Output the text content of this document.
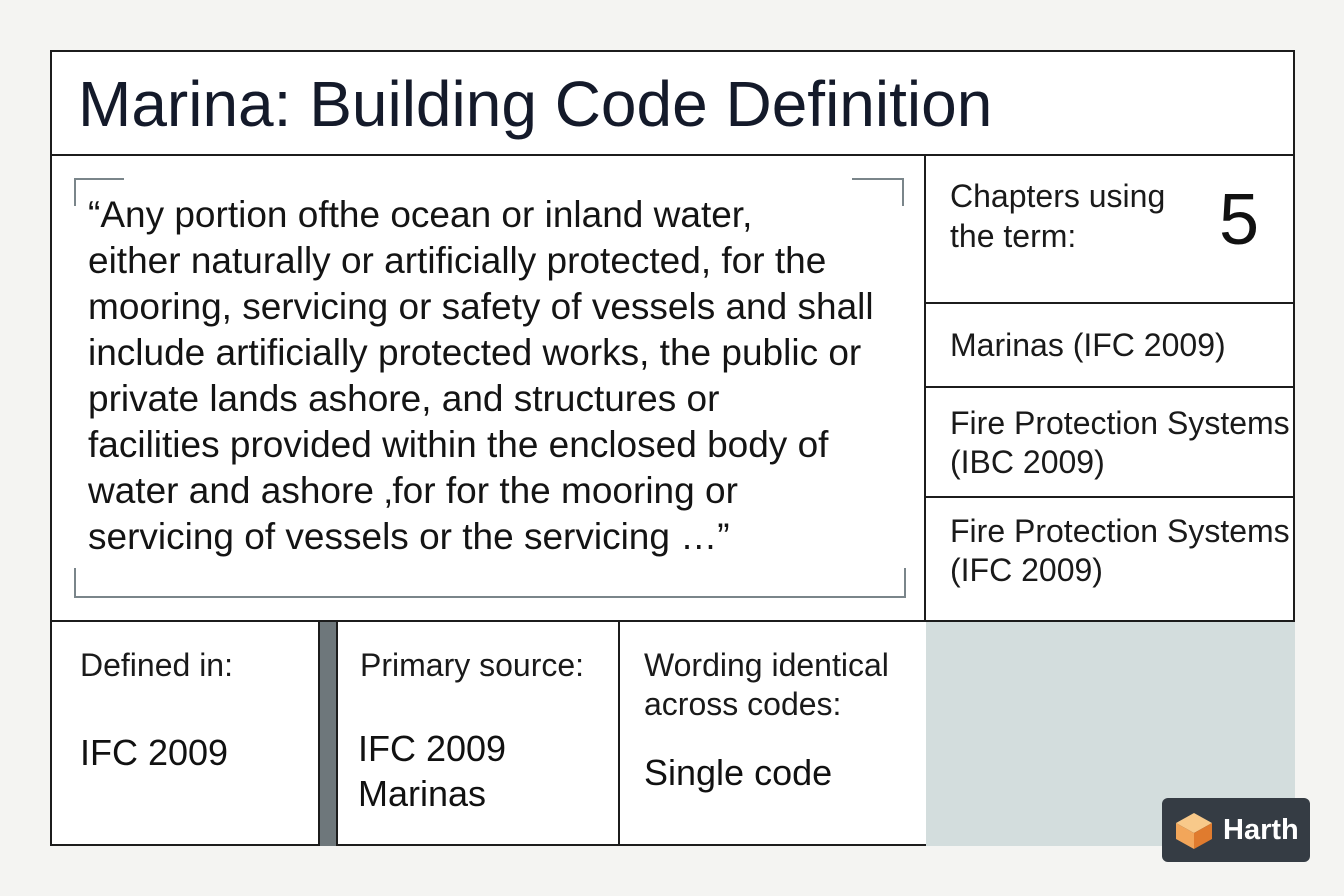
Marina: Building Code Definition
“Any portion ofthe ocean or inland water,
either naturally or artificially protected, for the
mooring, servicing or safety of vessels and shall
include artificially protected works, the public or
private lands ashore, and structures or
facilities provided within the enclosed body of
water and ashore ‚for for the mooring or
servicing of vessels or the servicing …”
Chapters using
the term:	5
Marinas (IFC 2009)
Fire Protection Systems
(IBC 2009)
Fire Protection Systems
(IFC 2009)
Defined in:
IFC 2009
Primary source:
IFC 2009
Marinas
Wording identical
across codes:
Single code
Harth
